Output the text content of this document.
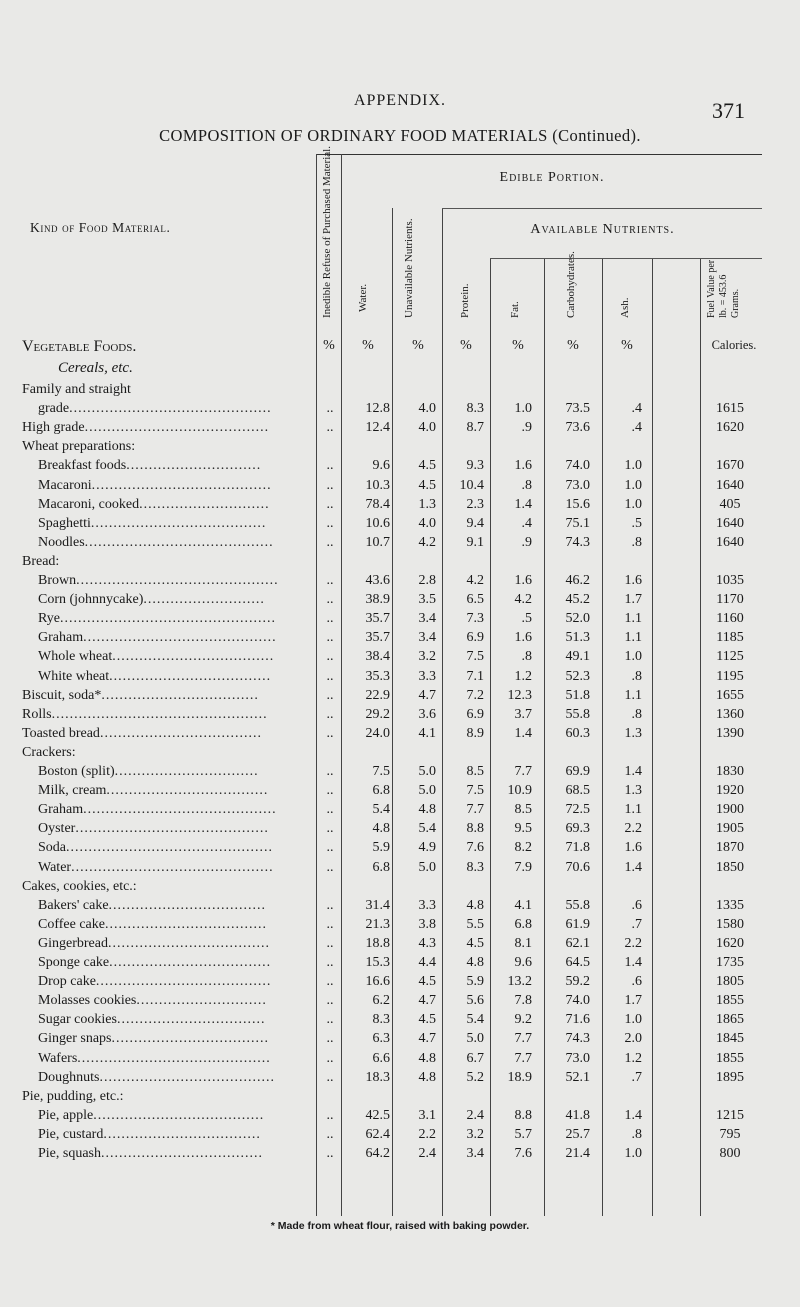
APPENDIX.	371
COMPOSITION OF ORDINARY FOOD MATERIALS (Continued).
Kind of Food Material.
Edible Portion.
Available Nutrients.
Inedible Refuse of Purchased Material. Water.	Unavailable Nutrients.	Protein.	Fat.	Carbohydrates.	Ash.	Fuel Value per lb. = 453.6 Grams.
Vegetable Foods.
Cereals, etc.
%	%	%	%	%	%	%	Calories.
Family and straight
grade.............................................	..	12.8	4.0	8.3	1.0	73.5	.4	1615
High grade.........................................	..	12.4	4.0	8.7	.9	73.6	.4	1620
Wheat preparations:
Breakfast foods..............................	..	9.6	4.5	9.3	1.6	74.0	1.0	1670
Macaroni........................................	..	10.3	4.5	10.4	.8	73.0	1.0	1640
Macaroni, cooked.............................	..	78.4	1.3	2.3	1.4	15.6	1.0	405
Spaghetti.......................................	..	10.6	4.0	9.4	.4	75.1	.5	1640
Noodles..........................................	..	10.7	4.2	9.1	.9	74.3	.8	1640
Bread:
Brown.............................................	..	43.6	2.8	4.2	1.6	46.2	1.6	1035
Corn (johnnycake)...........................	..	38.9	3.5	6.5	4.2	45.2	1.7	1170
Rye................................................	..	35.7	3.4	7.3	.5	52.0	1.1	1160
Graham...........................................	..	35.7	3.4	6.9	1.6	51.3	1.1	1185
Whole wheat....................................	..	38.4	3.2	7.5	.8	49.1	1.0	1125
White wheat....................................	..	35.3	3.3	7.1	1.2	52.3	.8	1195
Biscuit, soda*...................................	..	22.9	4.7	7.2	12.3	51.8	1.1	1655
Rolls................................................	..	29.2	3.6	6.9	3.7	55.8	.8	1360
Toasted bread....................................	..	24.0	4.1	8.9	1.4	60.3	1.3	1390
Crackers:
Boston (split)................................	..	7.5	5.0	8.5	7.7	69.9	1.4	1830
Milk, cream....................................	..	6.8	5.0	7.5	10.9	68.5	1.3	1920
Graham...........................................	..	5.4	4.8	7.7	8.5	72.5	1.1	1900
Oyster...........................................	..	4.8	5.4	8.8	9.5	69.3	2.2	1905
Soda..............................................	..	5.9	4.9	7.6	8.2	71.8	1.6	1870
Water.............................................	..	6.8	5.0	8.3	7.9	70.6	1.4	1850
Cakes, cookies, etc.:
Bakers' cake...................................	..	31.4	3.3	4.8	4.1	55.8	.6	1335
Coffee cake....................................	..	21.3	3.8	5.5	6.8	61.9	.7	1580
Gingerbread....................................	..	18.8	4.3	4.5	8.1	62.1	2.2	1620
Sponge cake....................................	..	15.3	4.4	4.8	9.6	64.5	1.4	1735
Drop cake.......................................	..	16.6	4.5	5.9	13.2	59.2	.6	1805
Molasses cookies.............................	..	6.2	4.7	5.6	7.8	74.0	1.7	1855
Sugar cookies.................................	..	8.3	4.5	5.4	9.2	71.6	1.0	1865
Ginger snaps...................................	..	6.3	4.7	5.0	7.7	74.3	2.0	1845
Wafers...........................................	..	6.6	4.8	6.7	7.7	73.0	1.2	1855
Doughnuts.......................................	..	18.3	4.8	5.2	18.9	52.1	.7	1895
Pie, pudding, etc.:
Pie, apple......................................	..	42.5	3.1	2.4	8.8	41.8	1.4	1215
Pie, custard...................................	..	62.4	2.2	3.2	5.7	25.7	.8	795
Pie, squash....................................	..	64.2	2.4	3.4	7.6	21.4	1.0	800
* Made from wheat flour, raised with baking powder.
